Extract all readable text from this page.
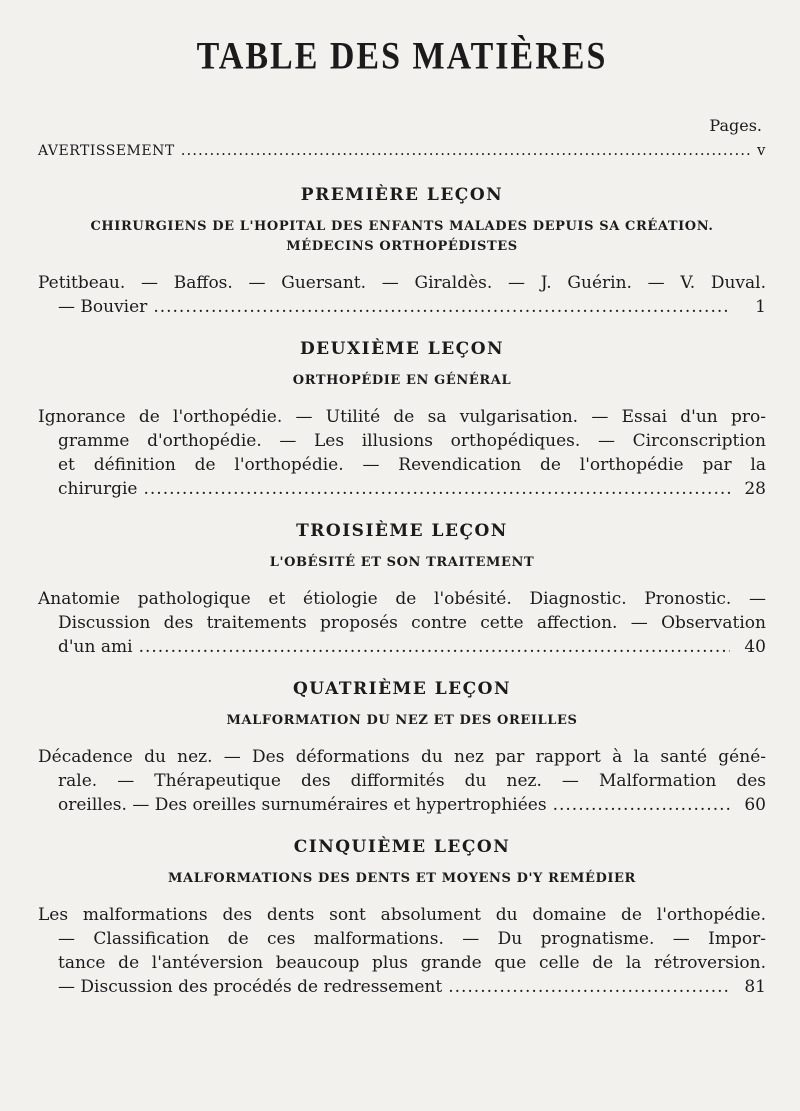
TABLE DES MATIÈRES
Pages.
AVERTISSEMENT .....	v
PREMIÈRE LEÇON
CHIRURGIENS DE L'HOPITAL DES ENFANTS MALADES DEPUIS SA CRÉATION.
MÉDECINS ORTHOPÉDISTES
Petitbeau. — Baffos. — Guersant. — Giraldès. — J. Guérin. — V. Duval.
— Bouvier .....	1
DEUXIÈME LEÇON
ORTHOPÉDIE EN GÉNÉRAL
Ignorance de l'orthopédie. — Utilité de sa vulgarisation. — Essai d'un pro-
gramme d'orthopédie. — Les illusions orthopédiques. — Circonscription
et définition de l'orthopédie. — Revendication de l'orthopédie par la
chirurgie .....	28
TROISIÈME LEÇON
L'OBÉSITÉ ET SON TRAITEMENT
Anatomie pathologique et étiologie de l'obésité. Diagnostic. Pronostic. —
Discussion des traitements proposés contre cette affection. — Observation
d'un ami .....	40
QUATRIÈME LEÇON
MALFORMATION DU NEZ ET DES OREILLES
Décadence du nez. — Des déformations du nez par rapport à la santé géné-
rale. — Thérapeutique des difformités du nez. — Malformation des
oreilles. — Des oreilles surnuméraires et hypertrophiées .....	60
CINQUIÈME LEÇON
MALFORMATIONS DES DENTS ET MOYENS D'Y REMÉDIER
Les malformations des dents sont absolument du domaine de l'orthopédie.
— Classification de ces malformations. — Du prognatisme. — Impor-
tance de l'antéversion beaucoup plus grande que celle de la rétroversion.
— Discussion des procédés de redressement .....	81
